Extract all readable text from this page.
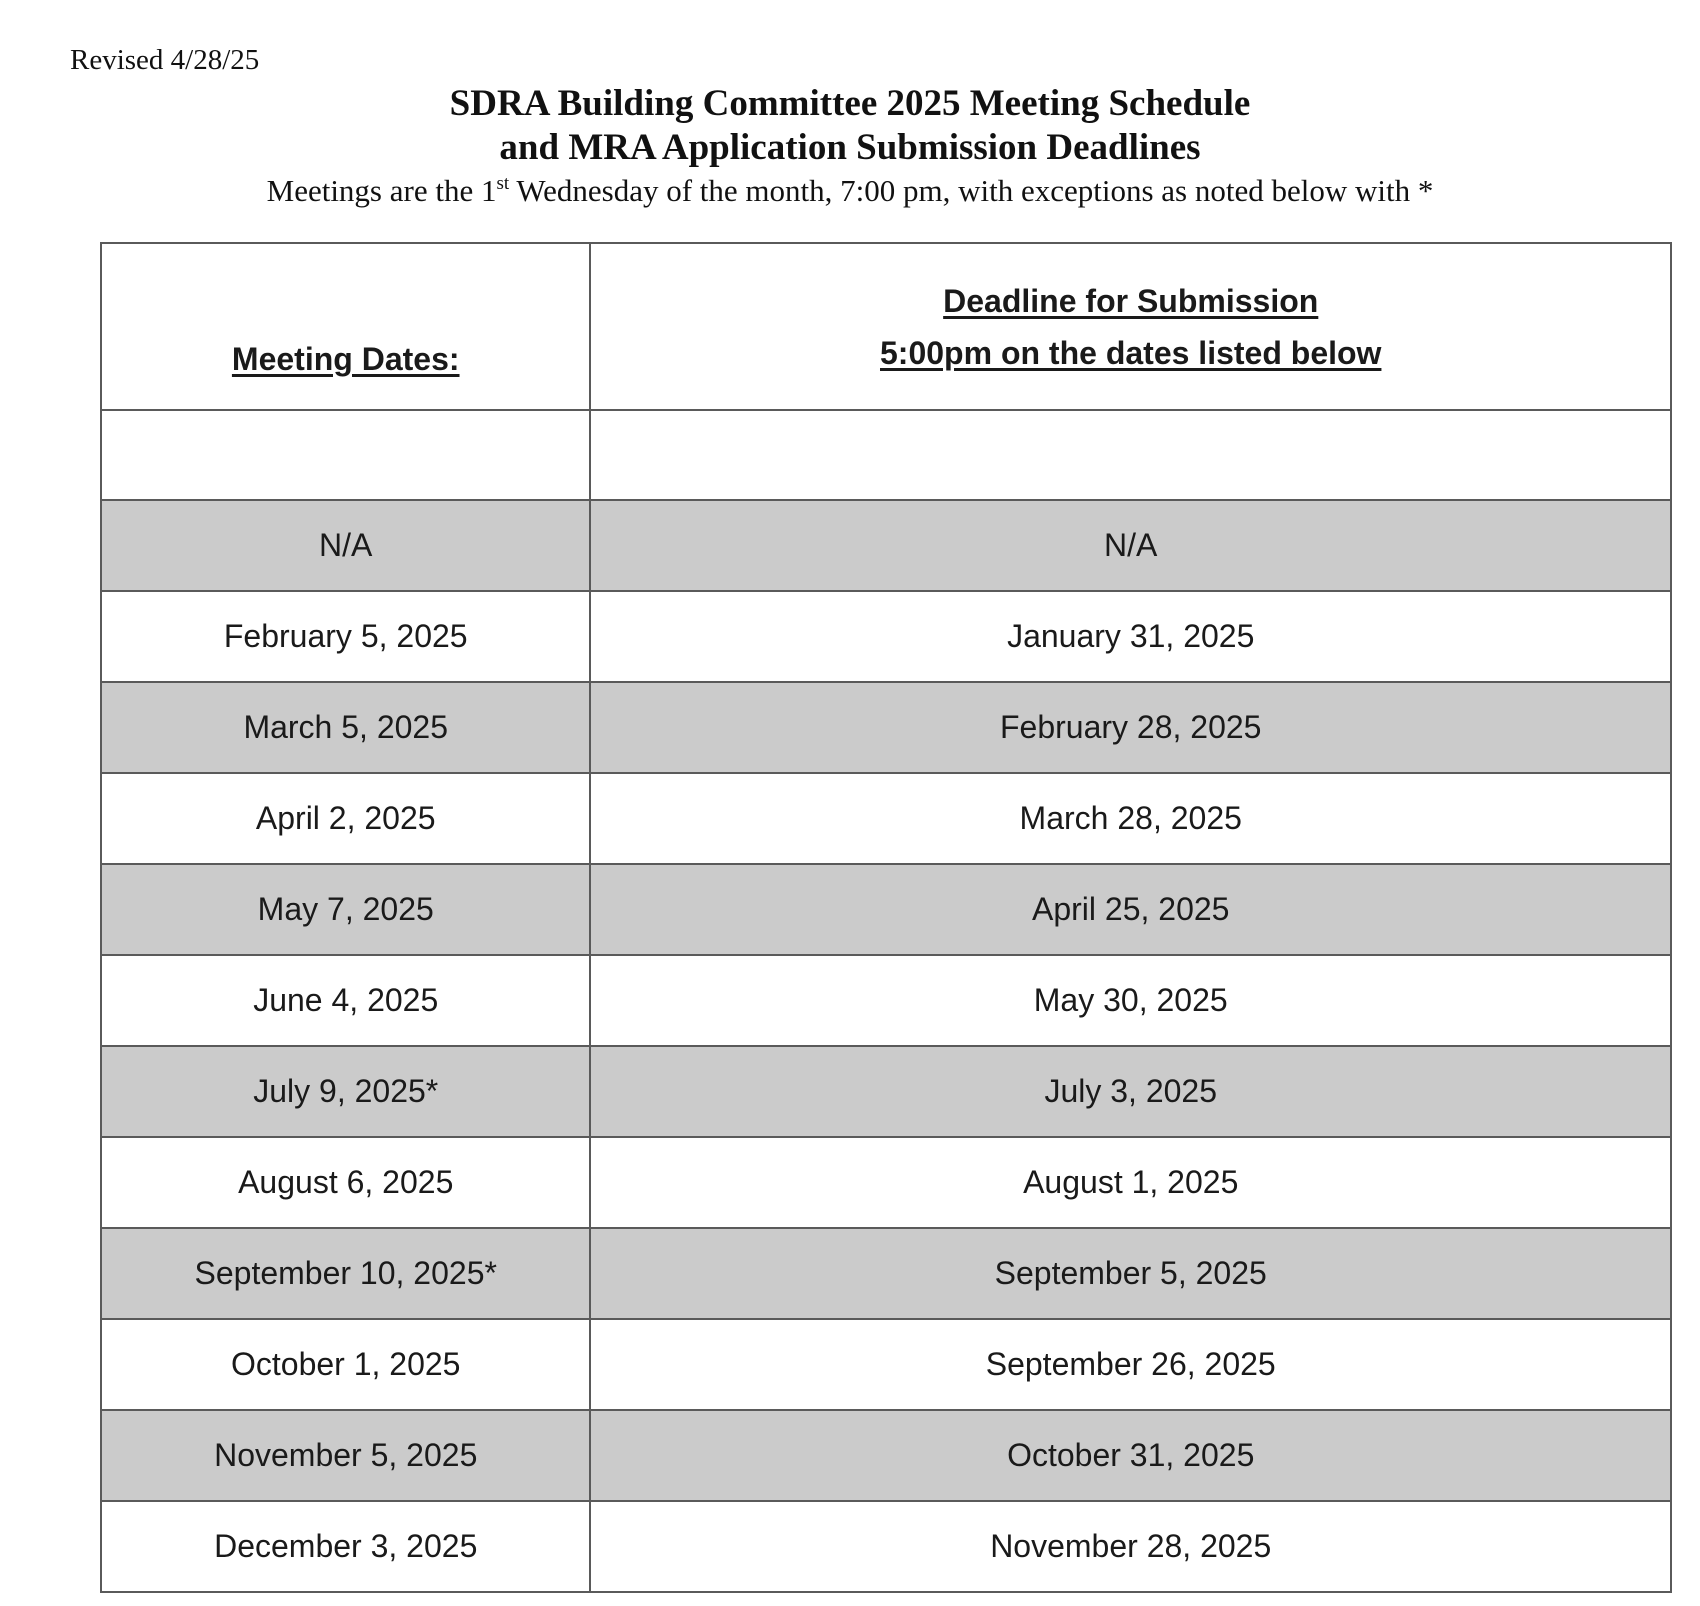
Revised 4/28/25
SDRA Building Committee 2025 Meeting Schedule
and MRA Application Submission Deadlines
Meetings are the 1st Wednesday of the month, 7:00 pm, with exceptions as noted below with *
Meeting Dates:	Deadline for Submission
5:00pm on the dates listed below

N/A	N/A
February 5, 2025	January 31, 2025
March 5, 2025	February 28, 2025
April 2, 2025	March 28, 2025
May 7, 2025	April 25, 2025
June 4, 2025	May 30, 2025
July 9, 2025*	July 3, 2025
August 6, 2025	August 1, 2025
September 10, 2025*	September 5, 2025
October 1, 2025	September 26, 2025
November 5, 2025	October 31, 2025
December 3, 2025	November 28, 2025
